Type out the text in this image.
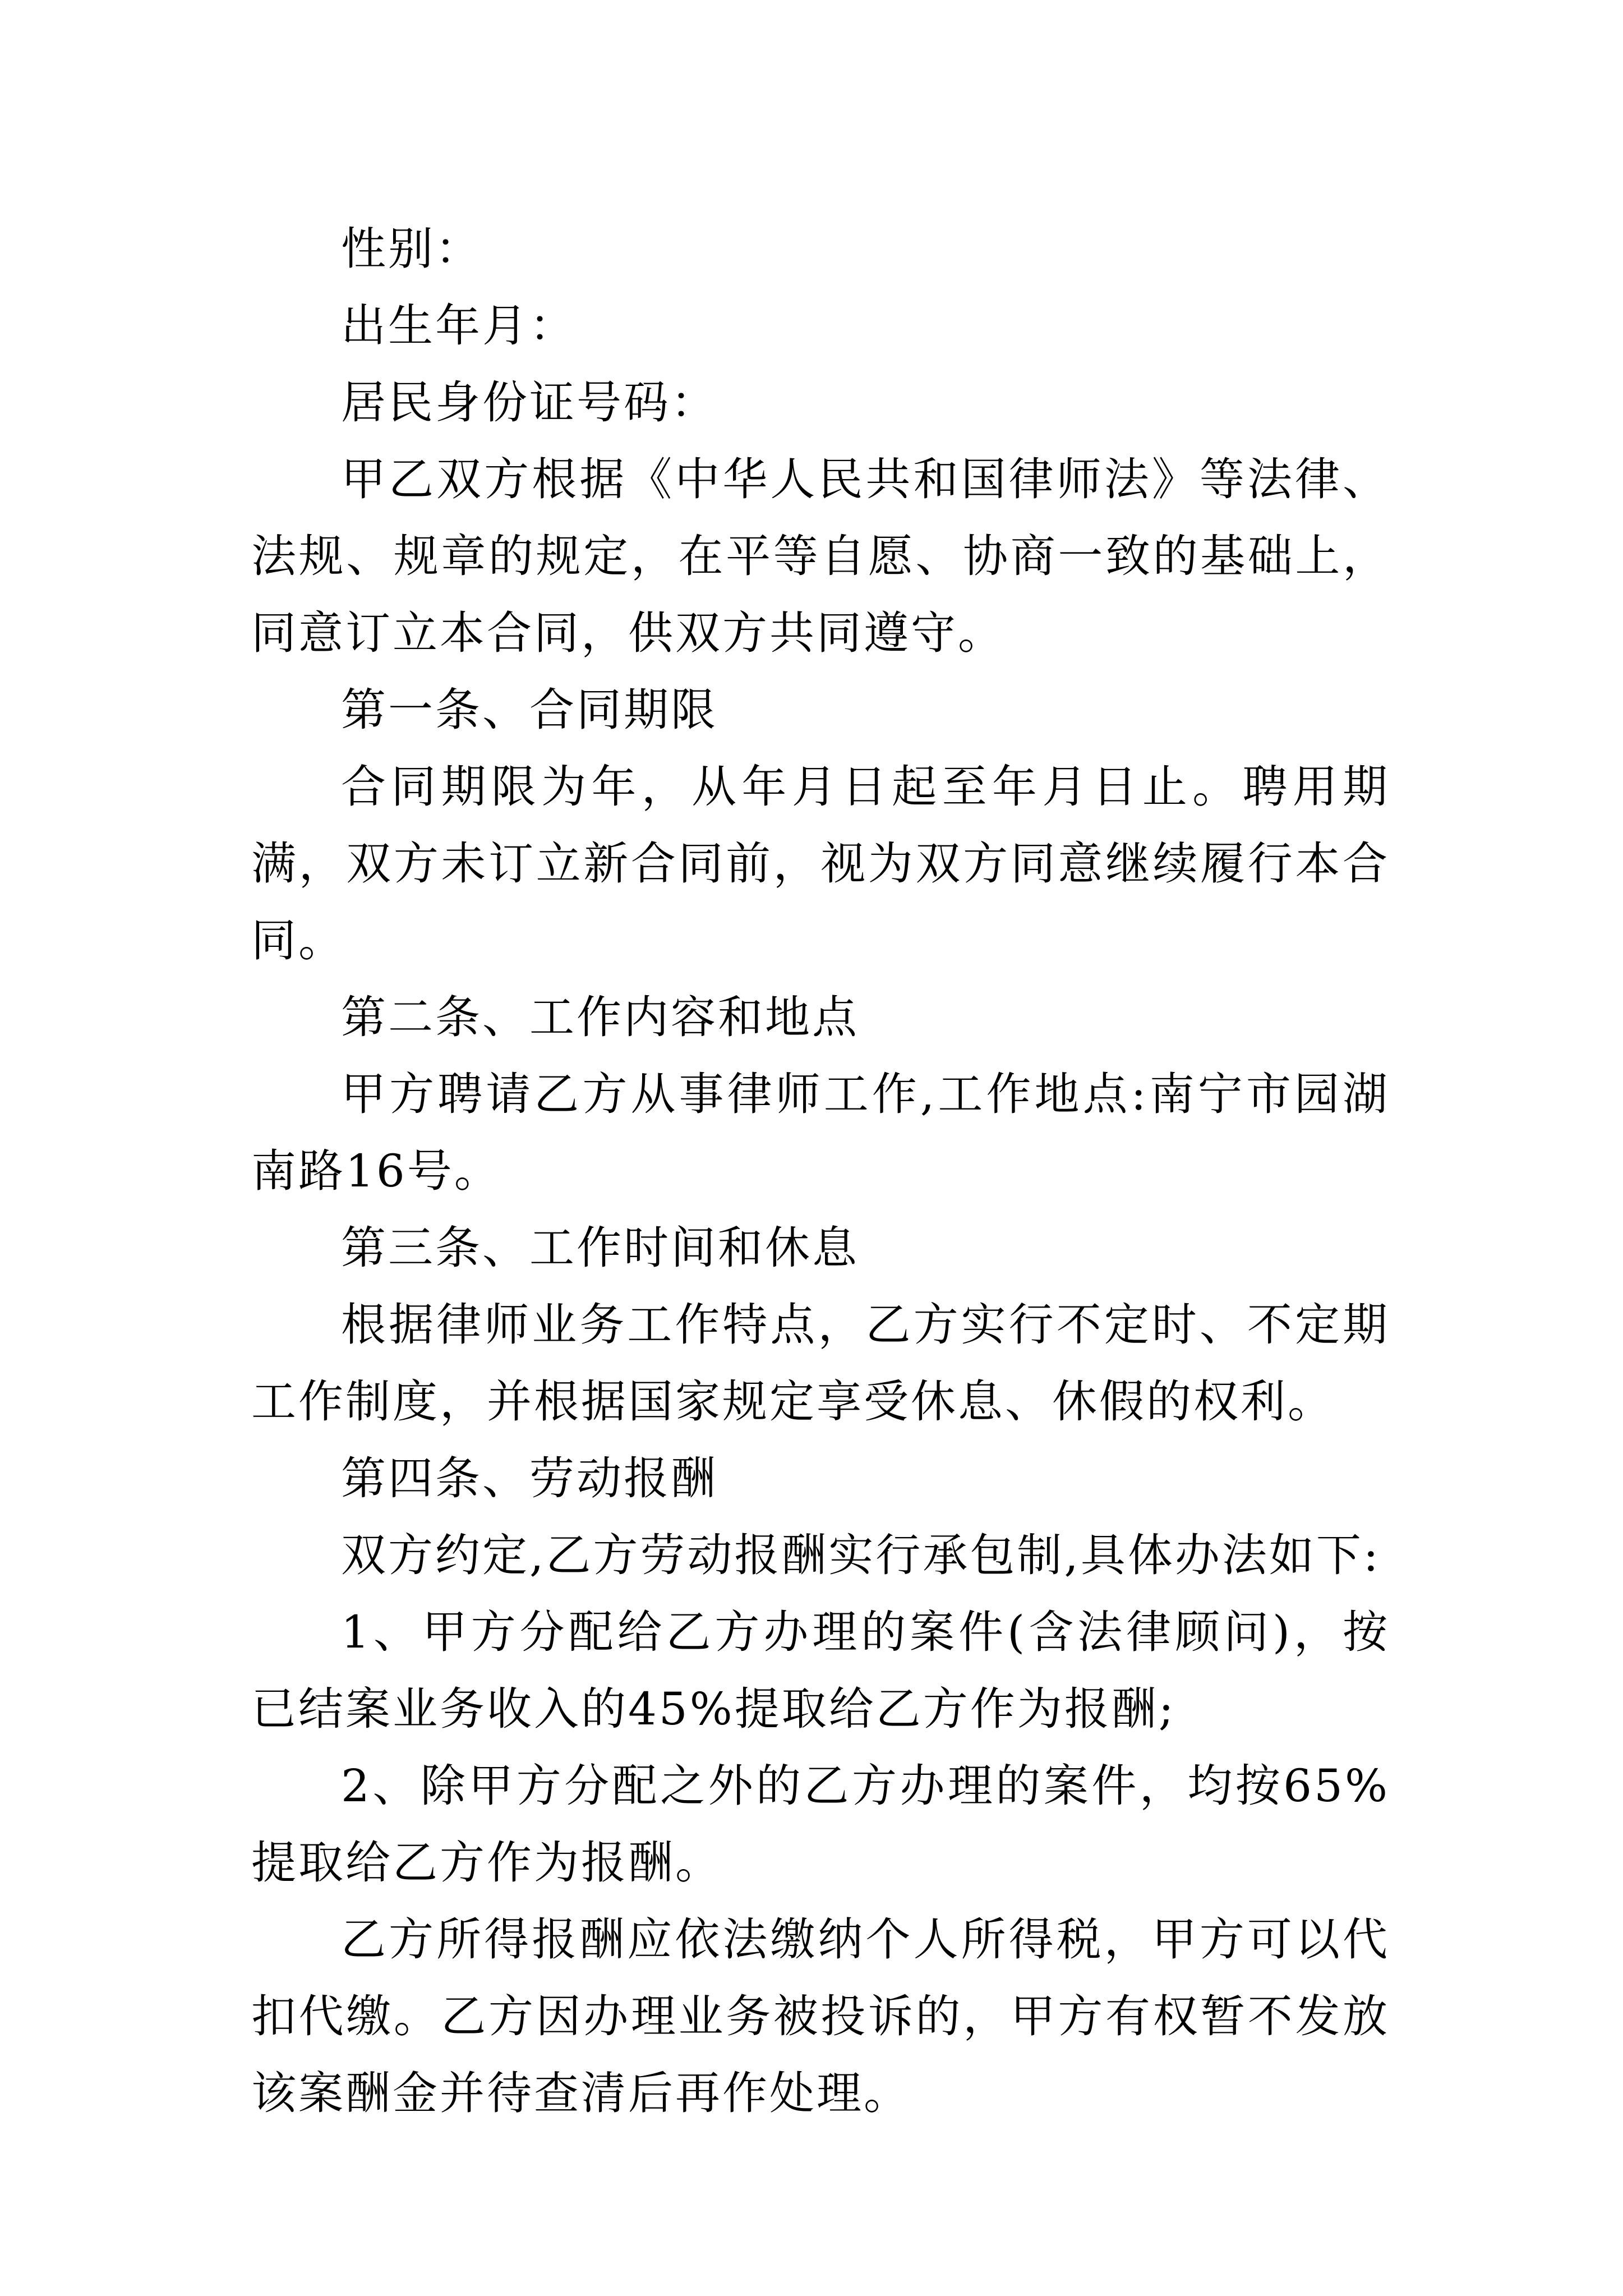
性别：

出生年月：

居民身份证号码：

甲乙双方根据《中华人民共和国律师法》等法律、法规、规章的规定，在平等自愿、协商一致的基础上，同意订立本合同，供双方共同遵守。

第一条、合同期限

合同期限为年，从年月日起至年月日止。聘用期满，双方未订立新合同前，视为双方同意继续履行本合同。

第二条、工作内容和地点

甲方聘请乙方从事律师工作,工作地点:南宁市园湖南路16号。

第三条、工作时间和休息

根据律师业务工作特点，乙方实行不定时、不定期工作制度，并根据国家规定享受休息、休假的权利。

第四条、劳动报酬

双方约定,乙方劳动报酬实行承包制,具体办法如下:

1、甲方分配给乙方办理的案件(含法律顾问)，按已结案业务收入的45%提取给乙方作为报酬;

2、除甲方分配之外的乙方办理的案件，均按65%提取给乙方作为报酬。

乙方所得报酬应依法缴纳个人所得税，甲方可以代扣代缴。乙方因办理业务被投诉的，甲方有权暂不发放该案酬金并待查清后再作处理。
